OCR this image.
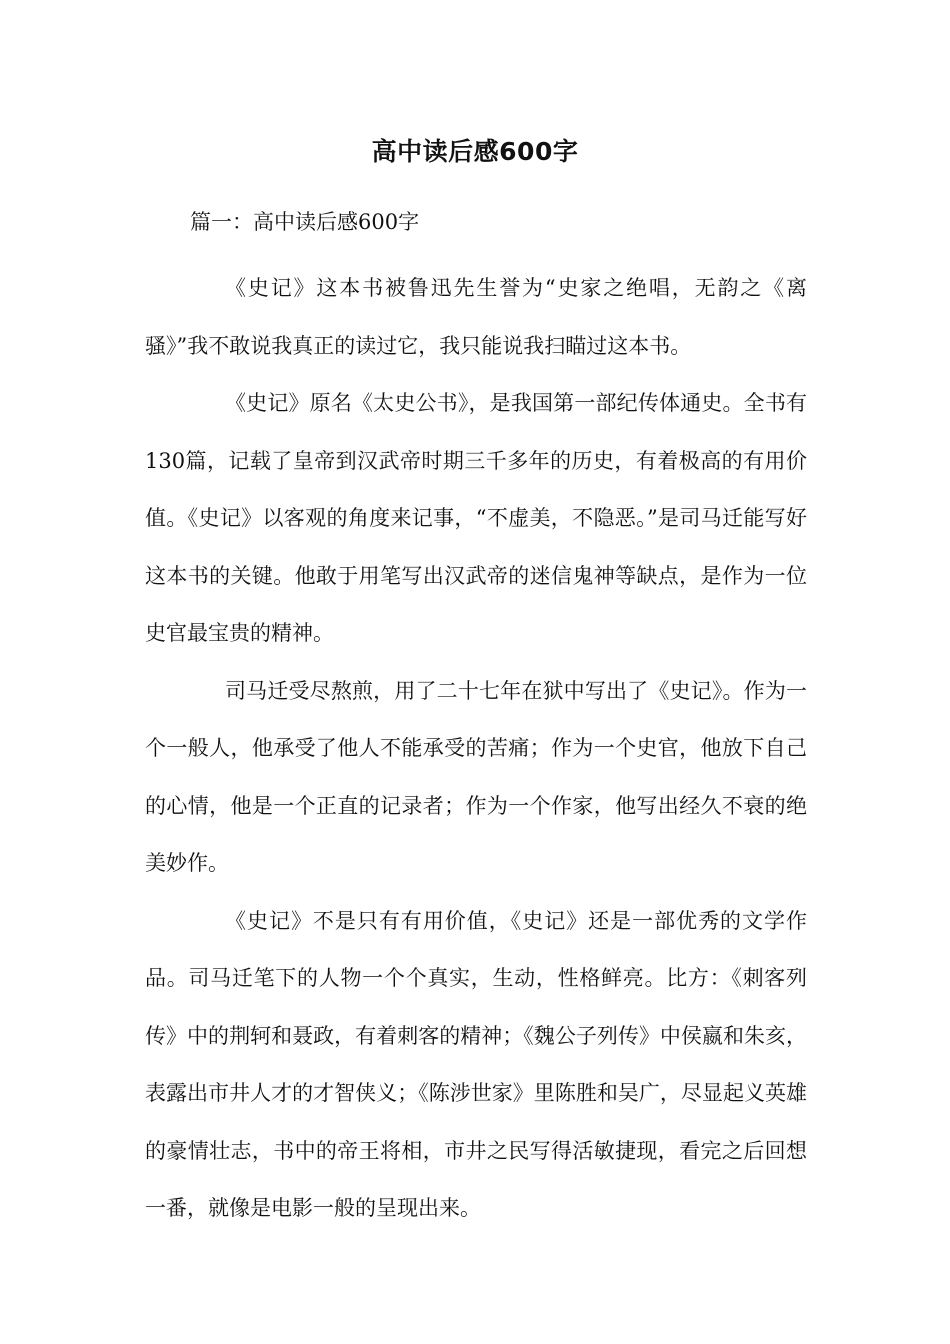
高中读后感600字
篇一：高中读后感600字

《史记》这本书被鲁迅先生誉为“史家之绝唱，无韵之《离骚》”我不敢说我真正的读过它，我只能说我扫瞄过这本书。

《史记》原名《太史公书》，是我国第一部纪传体通史。全书有130篇，记载了皇帝到汉武帝时期三千多年的历史，有着极高的有用价值。《史记》以客观的角度来记事，“不虚美，不隐恶。”是司马迁能写好这本书的关键。他敢于用笔写出汉武帝的迷信鬼神等缺点，是作为一位史官最宝贵的精神。

司马迁受尽熬煎，用了二十七年在狱中写出了《史记》。作为一个一般人，他承受了他人不能承受的苦痛；作为一个史官，他放下自己的心情，他是一个正直的记录者；作为一个作家，他写出经久不衰的绝美妙作。

《史记》不是只有有用价值，《史记》还是一部优秀的文学作品。司马迁笔下的人物一个个真实，生动，性格鲜亮。比方：《刺客列传》中的荆轲和聂政，有着刺客的精神；《魏公子列传》中侯嬴和朱亥，表露出市井人才的才智侠义；《陈涉世家》里陈胜和吴广，尽显起义英雄的豪情壮志，书中的帝王将相，市井之民写得活敏捷现，看完之后回想一番，就像是电影一般的呈现出来。
